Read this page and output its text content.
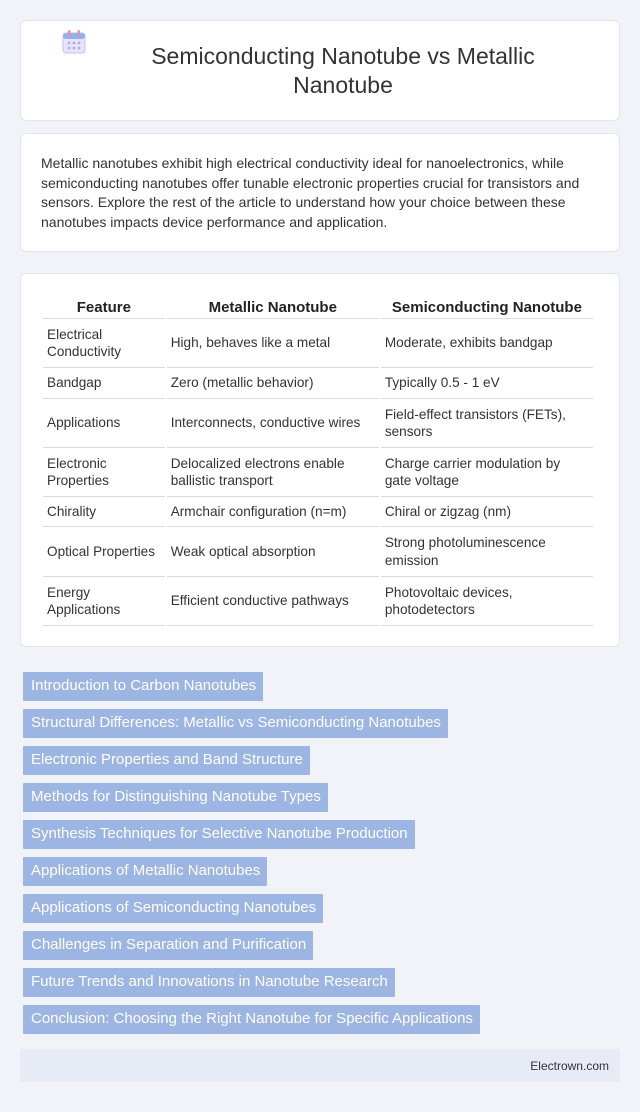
Semiconducting Nanotube vs Metallic Nanotube

Metallic nanotubes exhibit high electrical conductivity ideal for nanoelectronics, while semiconducting nanotubes offer tunable electronic properties crucial for transistors and sensors. Explore the rest of the article to understand how your choice between these nanotubes impacts device performance and application.

Feature	Metallic Nanotube	Semiconducting Nanotube
Electrical Conductivity	High, behaves like a metal	Moderate, exhibits bandgap
Bandgap	Zero (metallic behavior)	Typically 0.5 - 1 eV
Applications	Interconnects, conductive wires	Field-effect transistors (FETs), sensors
Electronic Properties	Delocalized electrons enable ballistic transport	Charge carrier modulation by gate voltage
Chirality	Armchair configuration (n=m)	Chiral or zigzag (nm)
Optical Properties	Weak optical absorption	Strong photoluminescence emission
Energy Applications	Efficient conductive pathways	Photovoltaic devices, photodetectors
Introduction to Carbon Nanotubes
Structural Differences: Metallic vs Semiconducting Nanotubes
Electronic Properties and Band Structure
Methods for Distinguishing Nanotube Types
Synthesis Techniques for Selective Nanotube Production
Applications of Metallic Nanotubes
Applications of Semiconducting Nanotubes
Challenges in Separation and Purification
Future Trends and Innovations in Nanotube Research
Conclusion: Choosing the Right Nanotube for Specific Applications
Electrown.com
